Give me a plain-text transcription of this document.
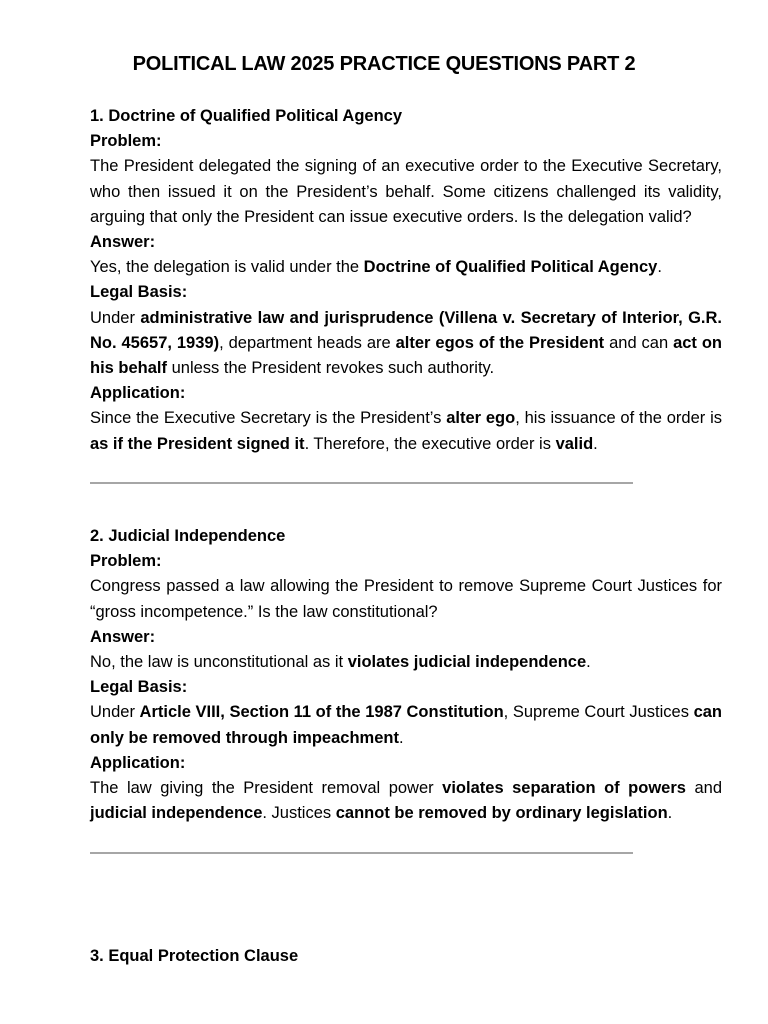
POLITICAL LAW 2025 PRACTICE QUESTIONS PART 2

1. Doctrine of Qualified Political Agency

Problem:

The President delegated the signing of an executive order to the Executive Secretary, who then issued it on the President’s behalf. Some citizens challenged its validity, arguing that only the President can issue executive orders. Is the delegation valid?

Answer:

Yes, the delegation is valid under the Doctrine of Qualified Political Agency.

Legal Basis:

Under administrative law and jurisprudence (Villena v. Secretary of Interior, G.R. No. 45657, 1939), department heads are alter egos of the President and can act on his behalf unless the President revokes such authority.

Application:

Since the Executive Secretary is the President’s alter ego, his issuance of the order is as if the President signed it. Therefore, the executive order is valid.

2. Judicial Independence

Problem:

Congress passed a law allowing the President to remove Supreme Court Justices for “gross incompetence.” Is the law constitutional?

Answer:

No, the law is unconstitutional as it violates judicial independence.

Legal Basis:

Under Article VIII, Section 11 of the 1987 Constitution, Supreme Court Justices can only be removed through impeachment.

Application:

The law giving the President removal power violates separation of powers and judicial independence. Justices cannot be removed by ordinary legislation.

3. Equal Protection Clause
